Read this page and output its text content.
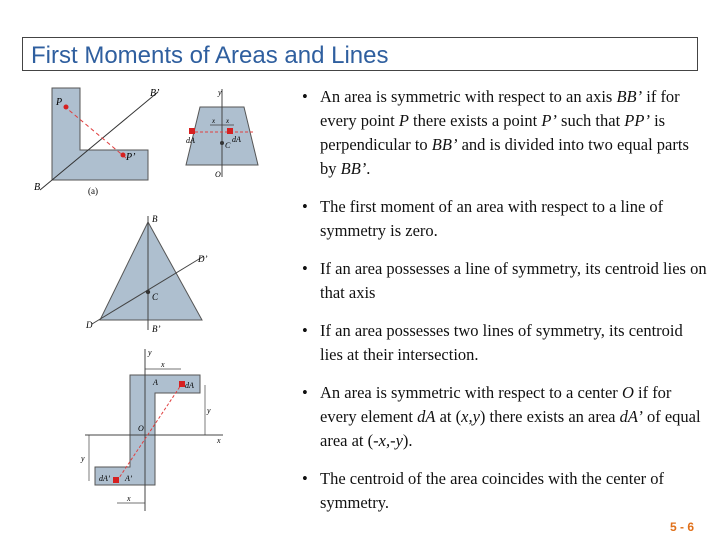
First Moments of Areas and Lines
P
P’
B
B’
(a)
y
x x
dA	dA
C
O
B
B’
D
D’
C
y
A	dA
O
x
A’
dA’
y
y
x
x
• An area is symmetric with respect to an axis BB’ if for every point P there exists a point P’ such that PP’ is perpendicular to BB’ and is divided into two equal parts by BB’.
• The first moment of an area with respect to a line of symmetry is zero.
• If an area possesses a line of symmetry, its centroid lies on that axis
• If an area possesses two lines of symmetry, its centroid lies at their intersection.
• An area is symmetric with respect to a center O if for every element dA at (x,y) there exists an area dA’ of equal area at (-x,-y).
• The centroid of the area coincides with the center of symmetry.
5 - 6
